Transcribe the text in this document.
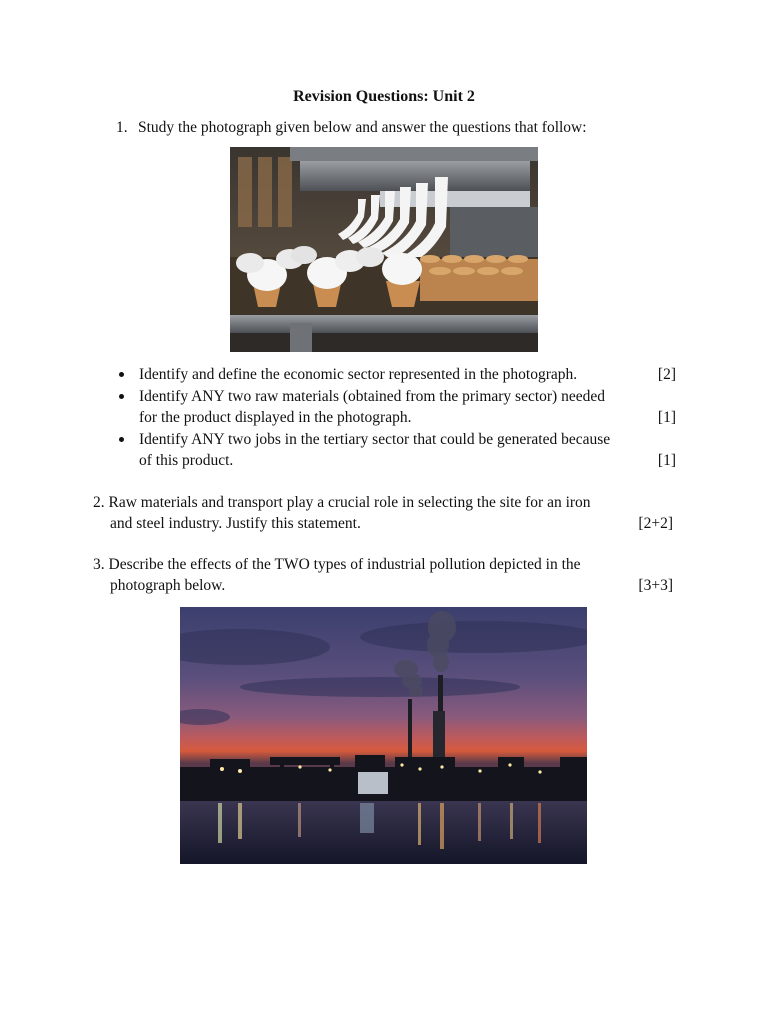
Revision Questions: Unit 2
1. Study the photograph given below and answer the questions that follow:
[2]
Identify and define the economic sector represented in the photograph.
Identify ANY two raw materials (obtained from the primary sector) needed

[1]
for the product displayed in the photograph.
Identify ANY two jobs in the tertiary sector that could be generated because

[1]
of this product.
2. Raw materials and transport play a crucial role in selecting the site for an iron
[2+2]
and steel industry. Justify this statement.
3. Describe the effects of the TWO types of industrial pollution depicted in the
[3+3]
photograph below.
